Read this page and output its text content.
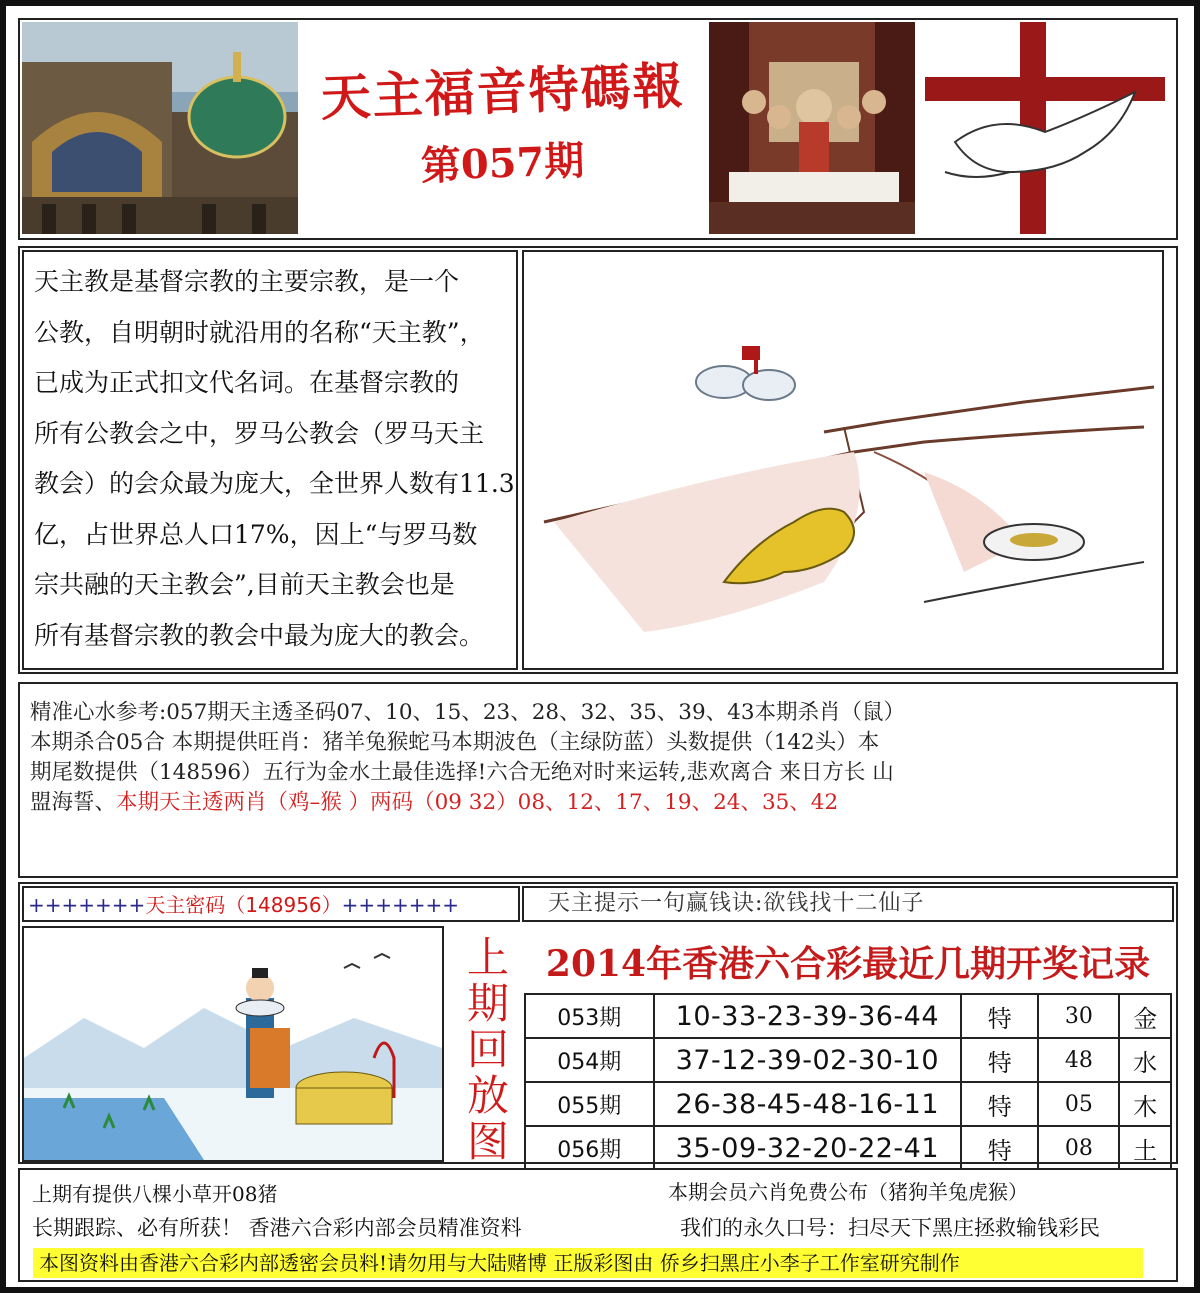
天主福音特碼報
第057期
天主教是基督宗教的主要宗教，是一个
公教，自明朝时就沿用的名称“天主教”，
已成为正式扣文代名词。在基督宗教的
所有公教会之中，罗马公教会（罗马天主
教会）的会众最为庞大，全世界人数有11.3
亿，占世界总人口17%，因上“与罗马数
宗共融的天主教会”,目前天主教会也是
所有基督宗教的教会中最为庞大的教会。
精准心水参考:057期天主透圣码07、10、15、23、28、32、35、39、43本期杀肖（鼠）
本期杀合05合 本期提供旺肖：猪羊兔猴蛇马本期波色（主绿防蓝）头数提供（142头）本
期尾数提供（148596）五行为金水土最佳选择!六合无绝对时来运转,悲欢离合 来日方长 山
盟海誓、本期天主透两肖（鸡–猴 ）两码（09 32）08、12、17、19、24、35、42
+++++++天主密码（148956）+++++++	天主提示一句赢钱诀:欲钱找十二仙子
上
期
回
放
图
2014年香港六合彩最近几期开奖记录
053期	10-33-23-39-36-44	特	30	金
054期	37-12-39-02-30-10	特	48	水
055期	26-38-45-48-16-11	特	05	木
056期	35-09-32-20-22-41	特	08	土
上期有提供八棵小草开08猪	本期会员六肖免费公布（猪狗羊兔虎猴）
长期跟踪、必有所获！ 香港六合彩内部会员精准资料	我们的永久口号：扫尽天下黑庄拯救输钱彩民
本图资料由香港六合彩内部透密会员料!请勿用与大陆赌博 正版彩图由 侨乡扫黑庄小李子工作室研究制作
